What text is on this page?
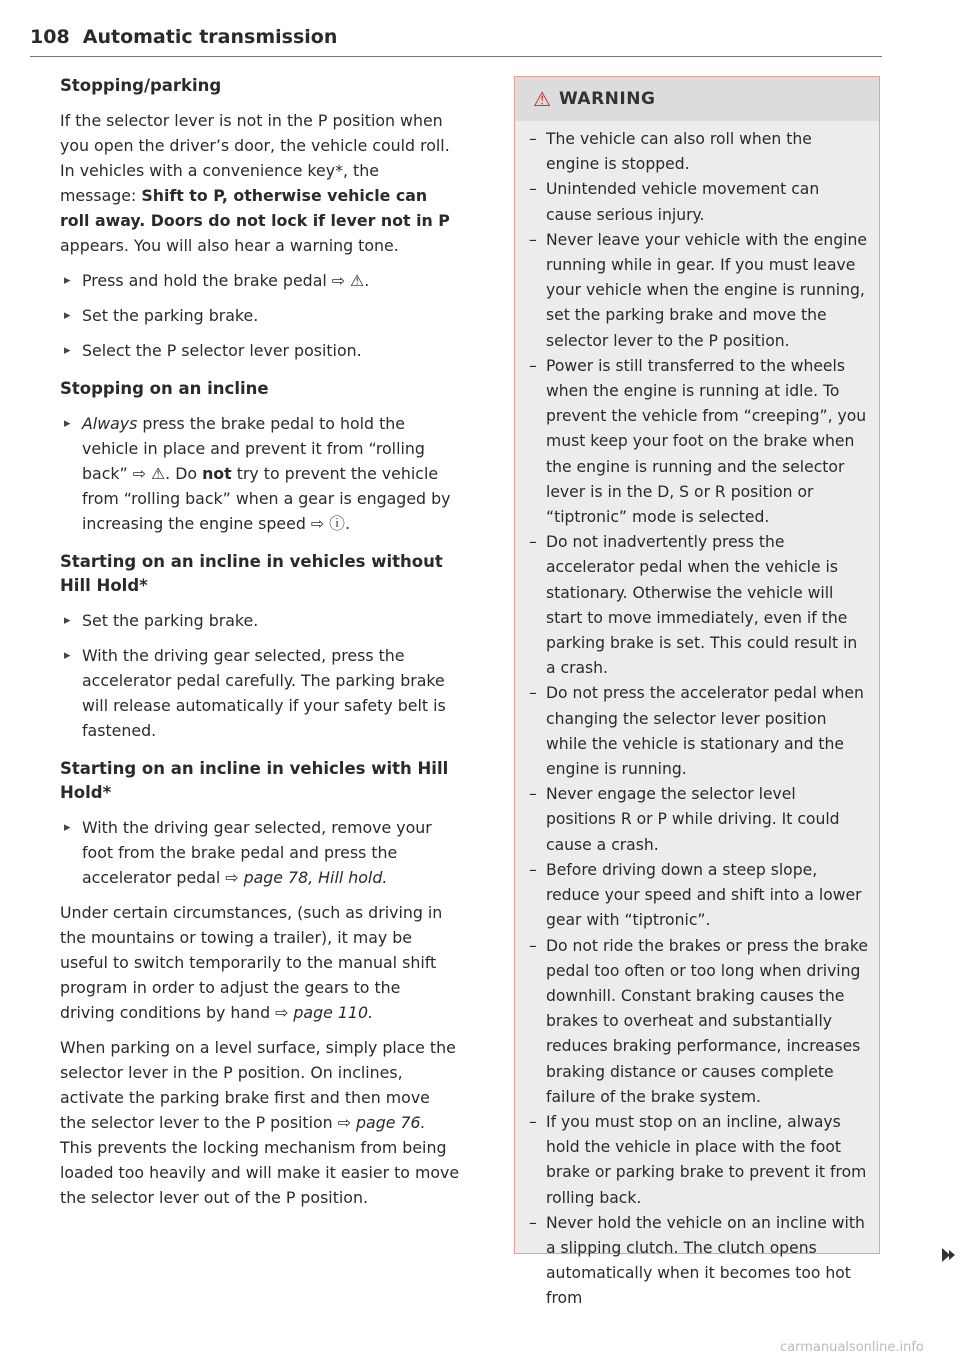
108 Automatic transmission
Stopping/parking

If the selector lever is not in the P position when you open the driver’s door, the vehicle could roll. In vehicles with a convenience key*, the message: Shift to P, otherwise vehicle can roll away. Doors do not lock if lever not in P appears. You will also hear a warning tone.

▸ Press and hold the brake pedal ⇨ ⚠.

▸ Set the parking brake.

▸ Select the P selector lever position.

Stopping on an incline

▸ Always press the brake pedal to hold the vehicle in place and prevent it from “rolling back” ⇨ ⚠. Do not try to prevent the vehicle from “rolling back” when a gear is engaged by increasing the engine speed ⇨ ⓘ.

Starting on an incline in vehicles without Hill Hold*

▸ Set the parking brake.

▸ With the driving gear selected, press the accelerator pedal carefully. The parking brake will release automatically if your safety belt is fastened.

Starting on an incline in vehicles with Hill Hold*

▸ With the driving gear selected, remove your foot from the brake pedal and press the accelerator pedal ⇨ page 78, Hill hold.

Under certain circumstances, (such as driving in the mountains or towing a trailer), it may be useful to switch temporarily to the manual shift program in order to adjust the gears to the driving conditions by hand ⇨ page 110.

When parking on a level surface, simply place the selector lever in the P position. On inclines, activate the parking brake first and then move the selector lever to the P position ⇨ page 76. This prevents the locking mechanism from being loaded too heavily and will make it easier to move the selector lever out of the P position.

⚠ WARNING

– The vehicle can also roll when the engine is stopped.

– Unintended vehicle movement can cause serious injury.

– Never leave your vehicle with the engine running while in gear. If you must leave your vehicle when the engine is running, set the parking brake and move the selector lever to the P position.

– Power is still transferred to the wheels when the engine is running at idle. To prevent the vehicle from “creeping”, you must keep your foot on the brake when the engine is running and the selector lever is in the D, S or R position or “tiptronic” mode is selected.

– Do not inadvertently press the accelerator pedal when the vehicle is stationary. Otherwise the vehicle will start to move immediately, even if the parking brake is set. This could result in a crash.

– Do not press the accelerator pedal when changing the selector lever position while the vehicle is stationary and the engine is running.

– Never engage the selector level positions R or P while driving. It could cause a crash.

– Before driving down a steep slope, reduce your speed and shift into a lower gear with “tiptronic”.

– Do not ride the brakes or press the brake pedal too often or too long when driving downhill. Constant braking causes the brakes to overheat and substantially reduces braking performance, increases braking distance or causes complete failure of the brake system.

– If you must stop on an incline, always hold the vehicle in place with the foot brake or parking brake to prevent it from rolling back.

– Never hold the vehicle on an incline with a slipping clutch. The clutch opens automatically when it becomes too hot from

carmanualsonline.info
